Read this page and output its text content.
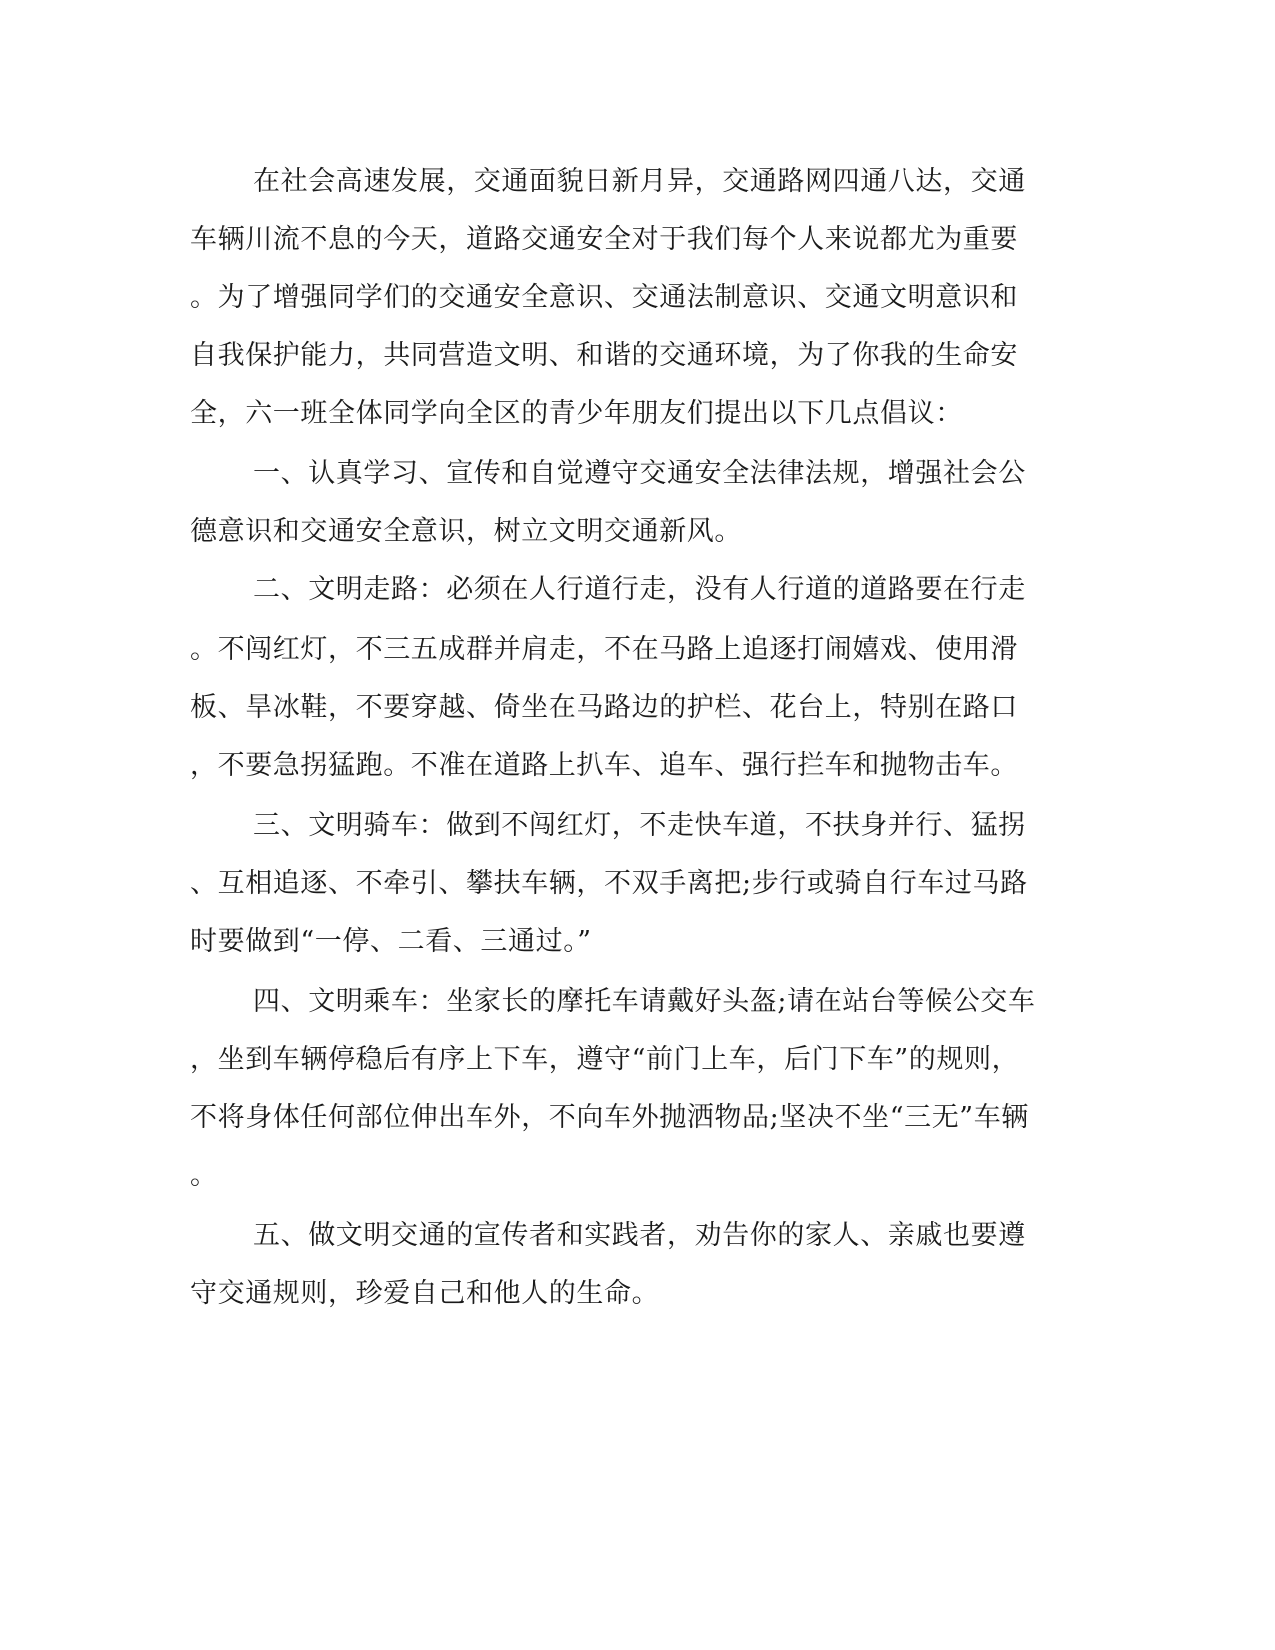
在社会高速发展，交通面貌日新月异，交通路网四通八达，交通
车辆川流不息的今天，道路交通安全对于我们每个人来说都尤为重要
。为了增强同学们的交通安全意识、交通法制意识、交通文明意识和
自我保护能力，共同营造文明、和谐的交通环境，为了你我的生命安
全，六一班全体同学向全区的青少年朋友们提出以下几点倡议：
一、认真学习、宣传和自觉遵守交通安全法律法规，增强社会公
德意识和交通安全意识，树立文明交通新风。
二、文明走路：必须在人行道行走，没有人行道的道路要在行走
。不闯红灯，不三五成群并肩走，不在马路上追逐打闹嬉戏、使用滑
板、旱冰鞋，不要穿越、倚坐在马路边的护栏、花台上，特别在路口
，不要急拐猛跑。不准在道路上扒车、追车、强行拦车和抛物击车。
三、文明骑车：做到不闯红灯，不走快车道，不扶身并行、猛拐
、互相追逐、不牵引、攀扶车辆，不双手离把;步行或骑自行车过马路
时要做到“一停、二看、三通过。”
四、文明乘车：坐家长的摩托车请戴好头盔;请在站台等候公交车
，坐到车辆停稳后有序上下车，遵守“前门上车，后门下车”的规则，
不将身体任何部位伸出车外，不向车外抛洒物品;坚决不坐“三无”车辆
。
五、做文明交通的宣传者和实践者，劝告你的家人、亲戚也要遵
守交通规则，珍爱自己和他人的生命。
